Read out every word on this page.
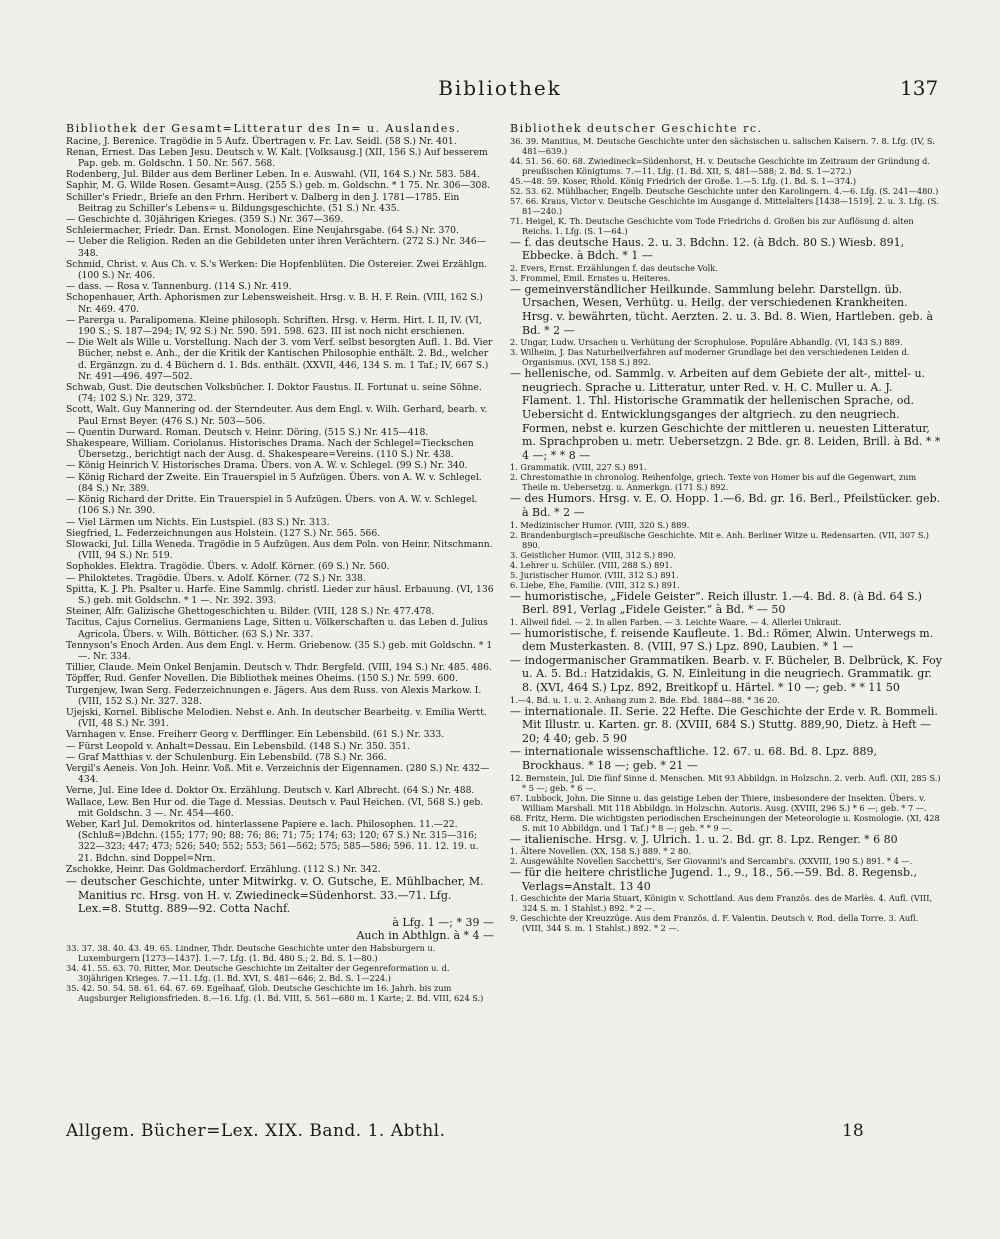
Bibliothek	137

Bibliothek der Gesamt=Litteratur des In= u. Auslandes.

Racine, J. Berenice. Tragödie in 5 Aufz. Übertragen v. Fr. Lav. Seidl. (58 S.) Nr. 401.

Renan, Ernest. Das Leben Jesu. Deutsch v. W. Kalt. [Volksausg.] (XII, 156 S.) Auf besserem Pap. geb. m. Goldschn. 1 50. Nr. 567. 568.

Rodenberg, Jul. Bilder aus dem Berliner Leben. In e. Auswahl. (VII, 164 S.) Nr. 583. 584.

Saphir, M. G. Wilde Rosen. Gesamt=Ausg. (255 S.) geb. m. Goldschn. * 1 75. Nr. 306—308.

Schiller's Friedr., Briefe an den Frhrn. Heribert v. Dalberg in den J. 1781—1785. Ein Beitrag zu Schiller's Lebens= u. Bildungsgeschichte. (51 S.) Nr. 435.

— Geschichte d. 30jährigen Krieges. (359 S.) Nr. 367—369.

Schleiermacher, Friedr. Dan. Ernst. Monologen. Eine Neujahrsgabe. (64 S.) Nr. 370.

— Ueber die Religion. Reden an die Gebildeten unter ihren Verächtern. (272 S.) Nr. 346—348.

Schmid, Christ. v. Aus Ch. v. S.'s Werken: Die Hopfenblüten. Die Ostereier. Zwei Erzählgn. (100 S.) Nr. 406.

— dass. — Rosa v. Tannenburg. (114 S.) Nr. 419.

Schopenhauer, Arth. Aphorismen zur Lebensweisheit. Hrsg. v. B. H. F. Rein. (VIII, 162 S.) Nr. 469. 470.

— Parerga u. Paralipomena. Kleine philosoph. Schriften. Hrsg. v. Herm. Hirt. I. II, IV. (VI, 190 S.; S. 187—294; IV, 92 S.) Nr. 590. 591. 598. 623. III ist noch nicht erschienen.

— Die Welt als Wille u. Vorstellung. Nach der 3. vom Verf. selbst besorgten Aufl. 1. Bd. Vier Bücher, nebst e. Anh., der die Kritik der Kantischen Philosophie enthält. 2. Bd., welcher d. Ergänzgn. zu d. 4 Büchern d. 1. Bds. enthält. (XXVII, 446, 134 S. m. 1 Taf.; IV, 667 S.) Nr. 491—496. 497—502.

Schwab, Gust. Die deutschen Volksbücher. I. Doktor Faustus. II. Fortunat u. seine Söhne. (74; 102 S.) Nr. 329, 372.

Scott, Walt. Guy Mannering od. der Sterndeuter. Aus dem Engl. v. Wilh. Gerhard, bearb. v. Paul Ernst Beyer. (476 S.) Nr. 503—506.

— Quentin Durward. Roman. Deutsch v. Heinr. Döring. (515 S.) Nr. 415—418.

Shakespeare, William. Coriolanus. Historisches Drama. Nach der Schlegel=Tieckschen Übersetzg., berichtigt nach der Ausg. d. Shakespeare=Vereins. (110 S.) Nr. 438.

— König Heinrich V. Historisches Drama. Übers. von A. W. v. Schlegel. (99 S.) Nr. 340.

— König Richard der Zweite. Ein Trauerspiel in 5 Aufzügen. Übers. von A. W. v. Schlegel. (84 S.) Nr. 389.

— König Richard der Dritte. Ein Trauerspiel in 5 Aufzügen. Übers. von A. W. v. Schlegel. (106 S.) Nr. 390.

— Viel Lärmen um Nichts. Ein Lustspiel. (83 S.) Nr. 313.

Siegfried, L. Federzeichnungen aus Holstein. (127 S.) Nr. 565. 566.

Slowacki, Jul. Lilla Weneda. Tragödie in 5 Aufzügen. Aus dem Poln. von Heinr. Nitschmann. (VIII, 94 S.) Nr. 519.

Sophokles. Elektra. Tragödie. Übers. v. Adolf. Körner. (69 S.) Nr. 560.

— Philoktetes. Tragödie. Übers. v. Adolf. Körner. (72 S.) Nr. 338.

Spitta, K. J. Ph. Psalter u. Harfe. Eine Sammlg. christl. Lieder zur häusl. Erbauung. (VI, 136 S.) geb. mit Goldschn. * 1 —. Nr. 392. 393.

Steiner, Alfr. Galizische Ghettogeschichten u. Bilder. (VIII, 128 S.) Nr. 477.478.

Tacitus, Cajus Cornelius. Germaniens Lage, Sitten u. Völkerschaften u. das Leben d. Julius Agricola. Übers. v. Wilh. Bötticher. (63 S.) Nr. 337.

Tennyson's Enoch Arden. Aus dem Engl. v. Herm. Griebenow. (35 S.) geb. mit Goldschn. * 1 —. Nr. 334.

Tillier, Claude. Mein Onkel Benjamin. Deutsch v. Thdr. Bergfeld. (VIII, 194 S.) Nr. 485. 486.

Töpffer, Rud. Genfer Novellen. Die Bibliothek meines Oheims. (150 S.) Nr. 599. 600.

Turgenjew, Iwan Serg. Federzeichnungen e. Jägers. Aus dem Russ. von Alexis Markow. I. (VIII, 152 S.) Nr. 327. 328.

Ujejski, Kornel. Biblische Melodien. Nebst e. Anh. In deutscher Bearbeitg. v. Emilia Wertt. (VII, 48 S.) Nr. 391.

Varnhagen v. Ense. Freiherr Georg v. Derfflinger. Ein Lebensbild. (61 S.) Nr. 333.

— Fürst Leopold v. Anhalt=Dessau. Ein Lebensbild. (148 S.) Nr. 350. 351.

— Graf Matthias v. der Schulenburg. Ein Lebensbild. (78 S.) Nr. 366.

Vergil's Aeneis. Von Joh. Heinr. Voß. Mit e. Verzeichnis der Eigennamen. (280 S.) Nr. 432—434.

Verne, Jul. Eine Idee d. Doktor Ox. Erzählung. Deutsch v. Karl Albrecht. (64 S.) Nr. 488.

Wallace, Lew. Ben Hur od. die Tage d. Messias. Deutsch v. Paul Heichen. (VI, 568 S.) geb. mit Goldschn. 3 —. Nr. 454—460.

Weber, Karl Jul. Demokritos od. hinterlassene Papiere e. lach. Philosophen. 11.—22. (Schluß=)Bdchn. (155; 177; 90; 88; 76; 86; 71; 75; 174; 63; 120; 67 S.) Nr. 315—316; 322—323; 447; 473; 526; 540; 552; 553; 561—562; 575; 585—586; 596. 11. 12. 19. u. 21. Bdchn. sind Doppel=Nrn.

Zschokke, Heinr. Das Goldmacherdorf. Erzählung. (112 S.) Nr. 342.

— deutscher Geschichte, unter Mitwirkg. v. O. Gutsche, E. Mühlbacher, M. Manitius rc. Hrsg. von H. v. Zwiedineck=Südenhorst. 33.—71. Lfg. Lex.=8. Stuttg. 889—92. Cotta Nachf.

à Lfg. 1 —; * 39 —

Auch in Abthlgn. à * 4 —

33. 37. 38. 40. 43. 49. 65. Lindner, Thdr. Deutsche Geschichte unter den Habsburgern u. Luxemburgern [1273—1437]. 1.—7. Lfg. (1. Bd. 480 S.; 2. Bd. S. 1—80.)

34. 41. 55. 63. 70. Ritter, Mor. Deutsche Geschichte im Zeitalter der Gegenreformation u. d. 30jährigen Krieges. 7.—11. Lfg. (1. Bd. XVI, S. 481—646; 2. Bd. S. 1—224.)

35. 42. 50. 54. 58. 61. 64. 67. 69. Egelhaaf, Glob. Deutsche Geschichte im 16. Jahrh. bis zum Augsburger Religionsfrieden. 8.—16. Lfg. (1. Bd. VIII, S. 561—680 m. 1 Karte; 2. Bd. VIII, 624 S.)

Bibliothek deutscher Geschichte rc.

36. 39. Manitius, M. Deutsche Geschichte unter den sächsischen u. salischen Kaisern. 7. 8. Lfg. (IV, S. 481—639.)

44. 51. 56. 60. 68. Zwiedineck=Südenhorst, H. v. Deutsche Geschichte im Zeitraum der Gründung d. preußischen Königtums. 7.—11. Lfg. (1. Bd. XII, S. 481—588; 2. Bd. S. 1—272.)

45.—48. 59. Koser, Rhold. König Friedrich der Große. 1.—5. Lfg. (1. Bd. S. 1—374.)

52. 53. 62. Mühlbacher, Engelb. Deutsche Geschichte unter den Karolingern. 4.—6. Lfg. (S. 241—480.)

57. 66. Kraus, Victor v. Deutsche Geschichte im Ausgange d. Mittelalters [1438—1519]. 2. u. 3. Lfg. (S. 81—240.)

71. Heigel, K. Th. Deutsche Geschichte vom Tode Friedrichs d. Großen bis zur Auflösung d. alten Reichs. 1. Lfg. (S. 1—64.)

— f. das deutsche Haus. 2. u. 3. Bdchn. 12. (à Bdch. 80 S.) Wiesb. 891, Ebbecke. à Bdch. * 1 —

2. Evers, Ernst. Erzählungen f. das deutsche Volk.

3. Frommel, Emil. Ernstes u. Heiteres.

— gemeinverständlicher Heilkunde. Sammlung belehr. Darstellgn. üb. Ursachen, Wesen, Verhütg. u. Heilg. der verschiedenen Krankheiten. Hrsg. v. bewährten, tücht. Aerzten. 2. u. 3. Bd. 8. Wien, Hartleben. geb. à Bd. * 2 —

2. Ungar, Ludw. Ursachen u. Verhütung der Scrophulose. Populäre Abhandlg. (VI, 143 S.) 889.

3. Wilheim, J. Das Naturheilverfahren auf moderner Grundlage bei den verschiedenen Leiden d. Organismus. (XVI, 158 S.) 892.

— hellenische, od. Sammlg. v. Arbeiten auf dem Gebiete der alt-, mittel- u. neugriech. Sprache u. Litteratur, unter Red. v. H. C. Muller u. A. J. Flament. 1. Thl. Historische Grammatik der hellenischen Sprache, od. Uebersicht d. Entwicklungsganges der altgriech. zu den neugriech. Formen, nebst e. kurzen Geschichte der mittleren u. neuesten Litteratur, m. Sprachproben u. metr. Uebersetzgn. 2 Bde. gr. 8. Leiden, Brill. à Bd. * * 4 —; * * 8 —

1. Grammatik. (VIII, 227 S.) 891.

2. Chrestomathie in chronolog. Reihenfolge, griech. Texte von Homer bis auf die Gegenwart, zum Theile m. Uebersetzg. u. Anmerkgn. (171 S.) 892.

— des Humors. Hrsg. v. E. O. Hopp. 1.—6. Bd. gr. 16. Berl., Pfeilstücker. geb. à Bd. * 2 —

1. Medizinischer Humor. (VIII, 320 S.) 889.

2. Brandenburgisch=preußische Geschichte. Mit e. Anh. Berliner Witze u. Redensarten. (VII, 307 S.) 890.

3. Geistlicher Humor. (VIII, 312 S.) 890.

4. Lehrer u. Schüler. (VIII, 288 S.) 891.

5. Juristischer Humor. (VIII, 312 S.) 891.

6. Liebe, Ehe, Familie. (VIII, 312 S.) 891.

— humoristische, „Fidele Geister“. Reich illustr. 1.—4. Bd. 8. (à Bd. 64 S.) Berl. 891, Verlag „Fidele Geister.“ à Bd. * — 50

1. Allweil fidel. — 2. In allen Farben. — 3. Leichte Waare. — 4. Allerlei Unkraut.

— humoristische, f. reisende Kaufleute. 1. Bd.: Römer, Alwin. Unterwegs m. dem Musterkasten. 8. (VIII, 97 S.) Lpz. 890, Laubien. * 1 —

— indogermanischer Grammatiken. Bearb. v. F. Bücheler, B. Delbrück, K. Foy u. A. 5. Bd.: Hatzidakis, G. N. Einleitung in die neugriech. Grammatik. gr. 8. (XVI, 464 S.) Lpz. 892, Breitkopf u. Härtel. * 10 —; geb. * * 11 50

1.—4. Bd. u. 1. u. 2. Anhang zum 2. Bde. Ebd. 1884—88. * 36 20.

— internationale. II. Serie. 22 Hefte. Die Geschichte der Erde v. R. Bommeli. Mit Illustr. u. Karten. gr. 8. (XVIII, 684 S.) Stuttg. 889,90, Dietz. à Heft — 20; 4 40; geb. 5 90

— internationale wissenschaftliche. 12. 67. u. 68. Bd. 8. Lpz. 889, Brockhaus. * 18 —; geb. * 21 —

12. Bernstein, Jul. Die fünf Sinne d. Menschen. Mit 93 Abbildgn. in Holzschn. 2. verb. Aufl. (XII, 285 S.) * 5 —; geb. * 6 —.

67. Lubbock, John. Die Sinne u. das geistige Leben der Thiere, insbesondere der Insekten. Übers. v. William Marshall. Mit 118 Abbildgn. in Holzschn. Autoris. Ausg. (XVIII, 296 S.) * 6 —; geb. * 7 —.

68. Fritz, Herm. Die wichtigsten periodischen Erscheinungen der Meteorologie u. Kosmologie. (XI, 428 S. mit 10 Abbildgn. und 1 Taf.) * 8 —; geb. * * 9 —.

— italienische. Hrsg. v. J. Ulrich. 1. u. 2. Bd. gr. 8. Lpz. Renger. * 6 80

1. Ältere Novellen. (XX, 158 S.) 889. * 2 80.

2. Ausgewählte Novellen Sacchetti's, Ser Giovanni's and Sercambi's. (XXVIII, 190 S.) 891. * 4 —.

— für die heitere christliche Jugend. 1., 9., 18., 56.—59. Bd. 8. Regensb., Verlags=Anstalt. 13 40

1. Geschichte der Maria Stuart, Königin v. Schottland. Aus dem Französ. des de Marlès. 4. Aufl. (VIII, 324 S. m. 1 Stahlst.) 892. * 2 —.

9. Geschichte der Kreuzzüge. Aus dem Französ. d. F. Valentin. Deutsch v. Rod. della Torre. 3. Aufl. (VIII, 344 S. m. 1 Stahlst.) 892. * 2 —.

Allgem. Bücher=Lex. XIX. Band. 1. Abthl.	18
